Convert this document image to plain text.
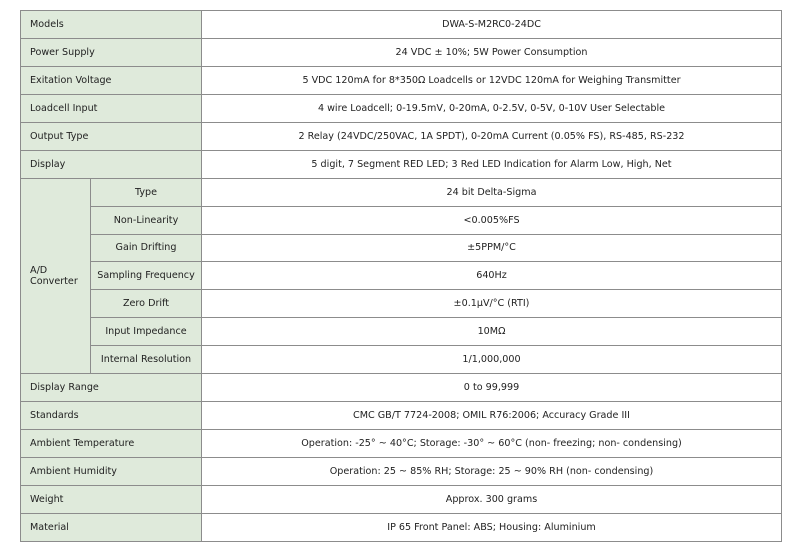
Models		DWA-S-M2RC0-24DC
Power Supply		24 VDC ± 10%; 5W Power Consumption
Exitation Voltage		5 VDC 120mA for 8*350Ω Loadcells or 12VDC 120mA for Weighing Transmitter
Loadcell Input		4 wire Loadcell; 0-19.5mV, 0-20mA, 0-2.5V, 0-5V, 0-10V User Selectable
Output Type		2 Relay (24VDC/250VAC, 1A SPDT), 0-20mA Current (0.05% FS), RS-485, RS-232
Display		5 digit, 7 Segment RED LED; 3 Red LED Indication for Alarm Low, High, Net
A/D
Converter	Type	24 bit Delta-Sigma
	Non-Linearity	<0.005%FS
	Gain Drifting	±5PPM/°C
	Sampling Frequency	640Hz
	Zero Drift	±0.1μV/°C (RTI)
	Input Impedance	10MΩ
	Internal Resolution	1/1,000,000
Display Range		0 to 99,999
Standards		CMC GB/T 7724-2008; OMIL R76:2006; Accuracy Grade III
Ambient Temperature		Operation: -25° ~ 40°C; Storage: -30° ~ 60°C (non- freezing; non- condensing)
Ambient Humidity		Operation: 25 ~ 85% RH; Storage: 25 ~ 90% RH (non- condensing)
Weight		Approx. 300 grams
Material		IP 65 Front Panel: ABS; Housing: Aluminium
